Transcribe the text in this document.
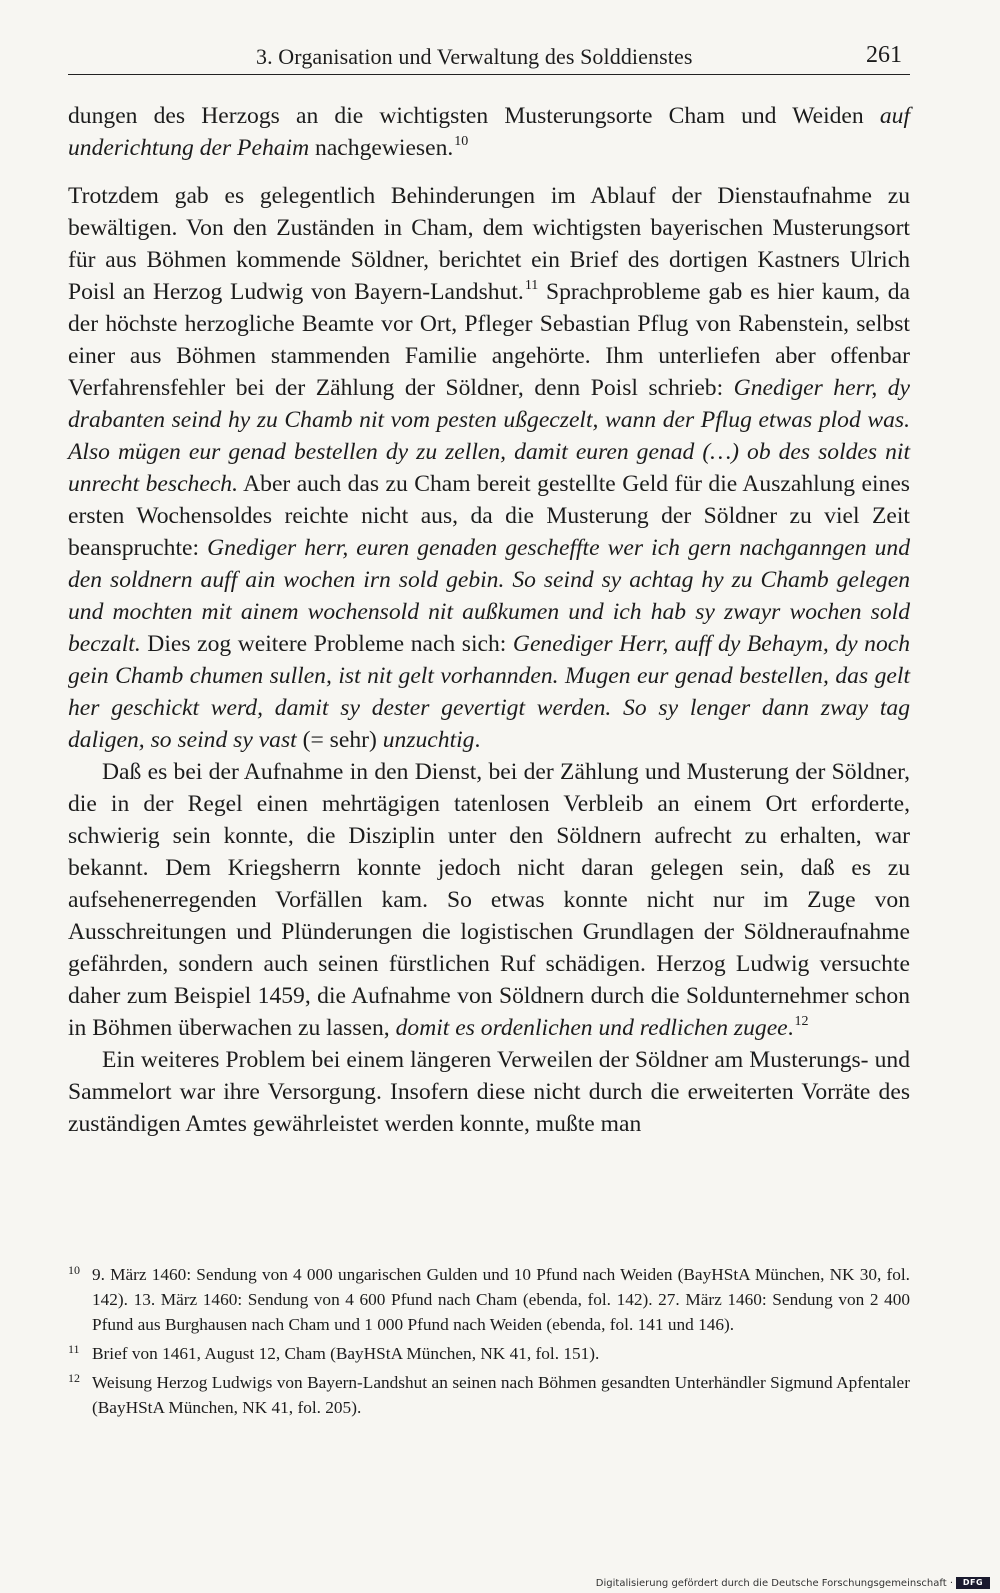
3. Organisation und Verwaltung des Solddienstes	261

dungen des Herzogs an die wichtigsten Musterungsorte Cham und Weiden auf underichtung der Pehaim nachgewiesen.$^{10}$

Trotzdem gab es gelegentlich Behinderungen im Ablauf der Dienstaufnahme zu bewältigen. Von den Zuständen in Cham, dem wichtigsten bayerischen Musterungsort für aus Böhmen kommende Söldner, berichtet ein Brief des dortigen Kastners Ulrich Poisl an Herzog Ludwig von Bayern-Landshut.$^{11}$ Sprachprobleme gab es hier kaum, da der höchste herzogliche Beamte vor Ort, Pfleger Sebastian Pflug von Rabenstein, selbst einer aus Böhmen stammenden Familie angehörte. Ihm unterliefen aber offenbar Verfahrensfehler bei der Zählung der Söldner, denn Poisl schrieb: Gnediger herr, dy drabanten seind hy zu Chamb nit vom pesten ußgeczelt, wann der Pflug etwas plod was. Also mügen eur genad bestellen dy zu zellen, damit euren genad (…) ob des soldes nit unrecht beschech. Aber auch das zu Cham bereit gestellte Geld für die Auszahlung eines ersten Wochensoldes reichte nicht aus, da die Musterung der Söldner zu viel Zeit beanspruchte: Gnediger herr, euren genaden gescheffte wer ich gern nachganngen und den soldnern auff ain wochen irn sold gebin. So seind sy achtag hy zu Chamb gelegen und mochten mit ainem wochensold nit außkumen und ich hab sy zwayr wochen sold beczalt. Dies zog weitere Probleme nach sich: Genediger Herr, auff dy Behaym, dy noch gein Chamb chumen sullen, ist nit gelt vorhannden. Mugen eur genad bestellen, das gelt her geschickt werd, damit sy dester gevertigt werden. So sy lenger dann zway tag daligen, so seind sy vast (= sehr) unzuchtig.

Daß es bei der Aufnahme in den Dienst, bei der Zählung und Musterung der Söldner, die in der Regel einen mehrtägigen tatenlosen Verbleib an einem Ort erforderte, schwierig sein konnte, die Disziplin unter den Söldnern aufrecht zu erhalten, war bekannt. Dem Kriegsherrn konnte jedoch nicht daran gelegen sein, daß es zu aufsehenerregenden Vorfällen kam. So etwas konnte nicht nur im Zuge von Ausschreitungen und Plünderungen die logistischen Grundlagen der Söldneraufnahme gefährden, sondern auch seinen fürstlichen Ruf schädigen. Herzog Ludwig versuchte daher zum Beispiel 1459, die Aufnahme von Söldnern durch die Soldunternehmer schon in Böhmen überwachen zu lassen, domit es ordenlichen und redlichen zugee.$^{12}$

Ein weiteres Problem bei einem längeren Verweilen der Söldner am Musterungs- und Sammelort war ihre Versorgung. Insofern diese nicht durch die erweiterten Vorräte des zuständigen Amtes gewährleistet werden konnte, mußte man

10 9. März 1460: Sendung von 4 000 ungarischen Gulden und 10 Pfund nach Weiden (BayHStA München, NK 30, fol. 142). 13. März 1460: Sendung von 4 600 Pfund nach Cham (ebenda, fol. 142). 27. März 1460: Sendung von 2 400 Pfund aus Burghausen nach Cham und 1 000 Pfund nach Weiden (ebenda, fol. 141 und 146).

11 Brief von 1461, August 12, Cham (BayHStA München, NK 41, fol. 151).

12 Weisung Herzog Ludwigs von Bayern-Landshut an seinen nach Böhmen gesandten Unterhändler Sigmund Apfentaler (BayHStA München, NK 41, fol. 205).

Digitalisierung gefördert durch die Deutsche Forschungsgemeinschaft ·	DFG
